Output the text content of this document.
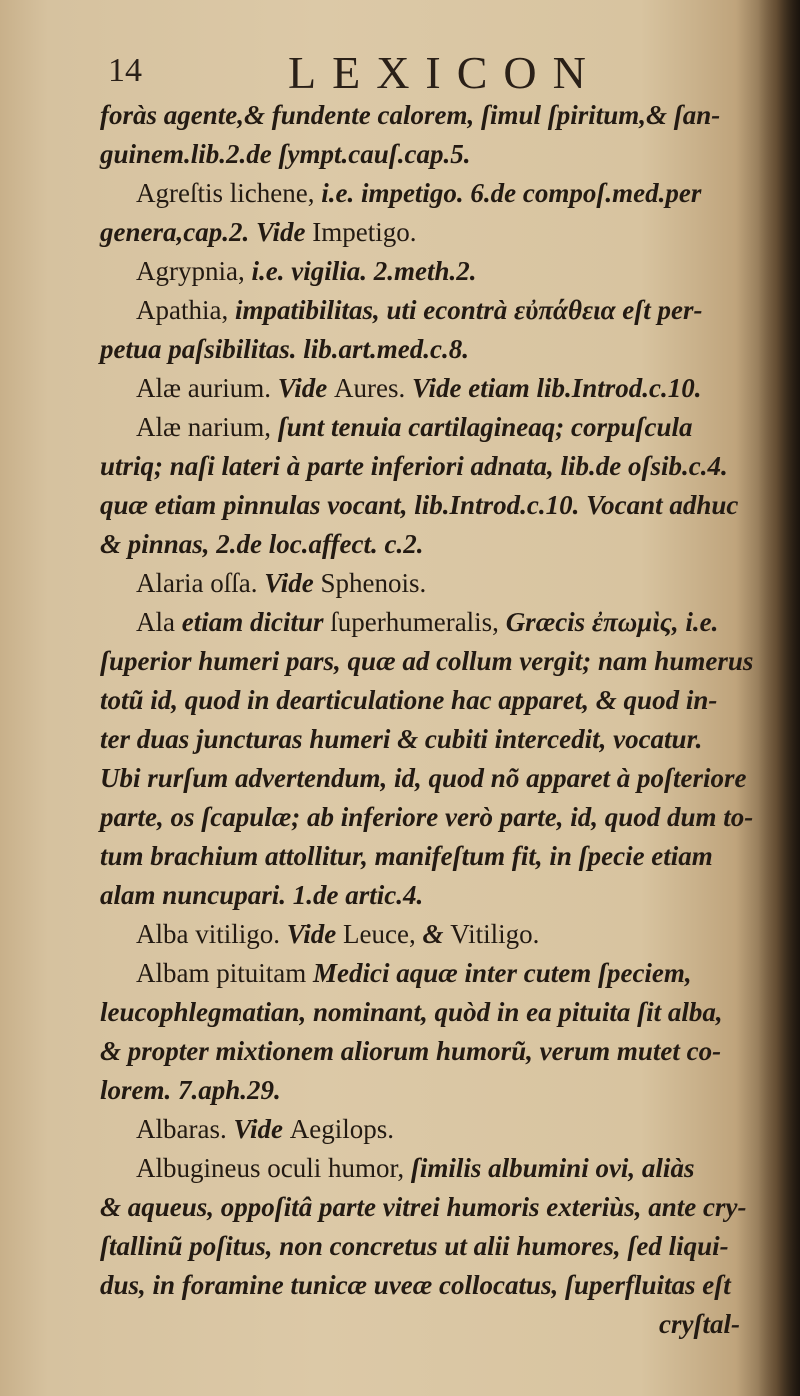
14	LEXICON
foràs agente,& fundente calorem, ſimul ſpiritum,& ſan-
guinem.lib.2.de ſympt.cauſ.cap.5.
Agreſtis lichene, i.e. impetigo. 6.de compoſ.med.per
genera,cap.2. Vide Impetigo.
Agrypnia, i.e. vigilia. 2.meth.2.
Apathia, impatibilitas, uti econtrà εὐπάθεια eſt per-
petua paſsibilitas. lib.art.med.c.8.
Alæ aurium. Vide Aures. Vide etiam lib.Introd.c.10.
Alæ narium, ſunt tenuia cartilagineaq; corpuſcula
utriq; naſi lateri à parte inferiori adnata, lib.de oſsib.c.4.
quæ etiam pinnulas vocant, lib.Introd.c.10. Vocant adhuc
& pinnas, 2.de loc.affect. c.2.
Alaria oſſa. Vide Sphenois.
Ala etiam dicitur ſuperhumeralis, Græcis ἐπωμὶς, i.e.
ſuperior humeri pars, quæ ad collum vergit; nam humerus
totũ id, quod in dearticulatione hac apparet, & quod in-
ter duas juncturas humeri & cubiti intercedit, vocatur.
Ubi rurſum advertendum, id, quod nõ apparet à poſteriore
parte, os ſcapulæ; ab inferiore verò parte, id, quod dum to-
tum brachium attollitur, manifeſtum fit, in ſpecie etiam
alam nuncupari. 1.de artic.4.
Alba vitiligo. Vide Leuce, & Vitiligo.
Albam pituitam Medici aquæ inter cutem ſpeciem,
leucophlegmatian, nominant, quòd in ea pituita ſit alba,
& propter mixtionem aliorum humorũ, verum mutet co-
lorem. 7.aph.29.
Albaras. Vide Aegilops.
Albugineus oculi humor, ſimilis albumini ovi, aliàs
& aqueus, oppoſitâ parte vitrei humoris exteriùs, ante cry-
ſtallinũ poſitus, non concretus ut alii humores, ſed liqui-
dus, in foramine tunicæ uveæ collocatus, ſuperfluitas eſt
cryſtal-
